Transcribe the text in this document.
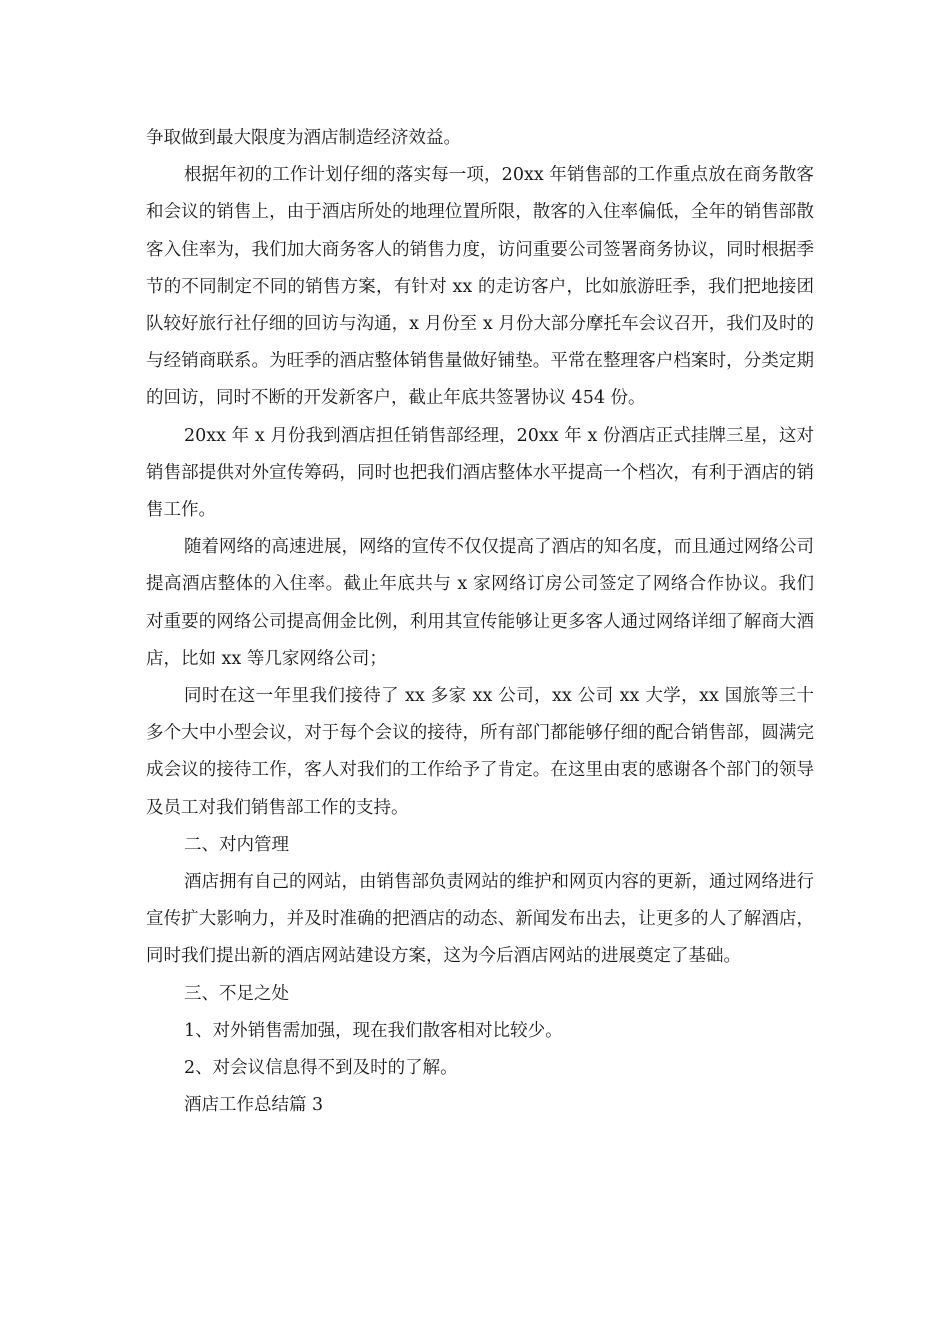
争取做到最大限度为酒店制造经济效益。

根据年初的工作计划仔细的落实每一项，20xx 年销售部的工作重点放在商务散客和会议的销售上，由于酒店所处的地理位置所限，散客的入住率偏低，全年的销售部散客入住率为，我们加大商务客人的销售力度，访问重要公司签署商务协议，同时根据季节的不同制定不同的销售方案，有针对 xx 的走访客户，比如旅游旺季，我们把地接团队较好旅行社仔细的回访与沟通，x 月份至 x 月份大部分摩托车会议召开，我们及时的与经销商联系。为旺季的酒店整体销售量做好铺垫。平常在整理客户档案时，分类定期的回访，同时不断的开发新客户，截止年底共签署协议 454 份。

20xx 年 x 月份我到酒店担任销售部经理，20xx 年 x 份酒店正式挂牌三星，这对销售部提供对外宣传筹码，同时也把我们酒店整体水平提高一个档次，有利于酒店的销售工作。

随着网络的高速进展，网络的宣传不仅仅提高了酒店的知名度，而且通过网络公司提高酒店整体的入住率。截止年底共与 x 家网络订房公司签定了网络合作协议。我们对重要的网络公司提高佣金比例，利用其宣传能够让更多客人通过网络详细了解商大酒店，比如 xx 等几家网络公司；

同时在这一年里我们接待了 xx 多家 xx 公司，xx 公司 xx 大学，xx 国旅等三十多个大中小型会议，对于每个会议的接待，所有部门都能够仔细的配合销售部，圆满完成会议的接待工作，客人对我们的工作给予了肯定。在这里由衷的感谢各个部门的领导及员工对我们销售部工作的支持。

二、对内管理

酒店拥有自己的网站，由销售部负责网站的维护和网页内容的更新，通过网络进行宣传扩大影响力，并及时准确的把酒店的动态、新闻发布出去，让更多的人了解酒店，同时我们提出新的酒店网站建设方案，这为今后酒店网站的进展奠定了基础。

三、不足之处

1、对外销售需加强，现在我们散客相对比较少。

2、对会议信息得不到及时的了解。

酒店工作总结篇 3
